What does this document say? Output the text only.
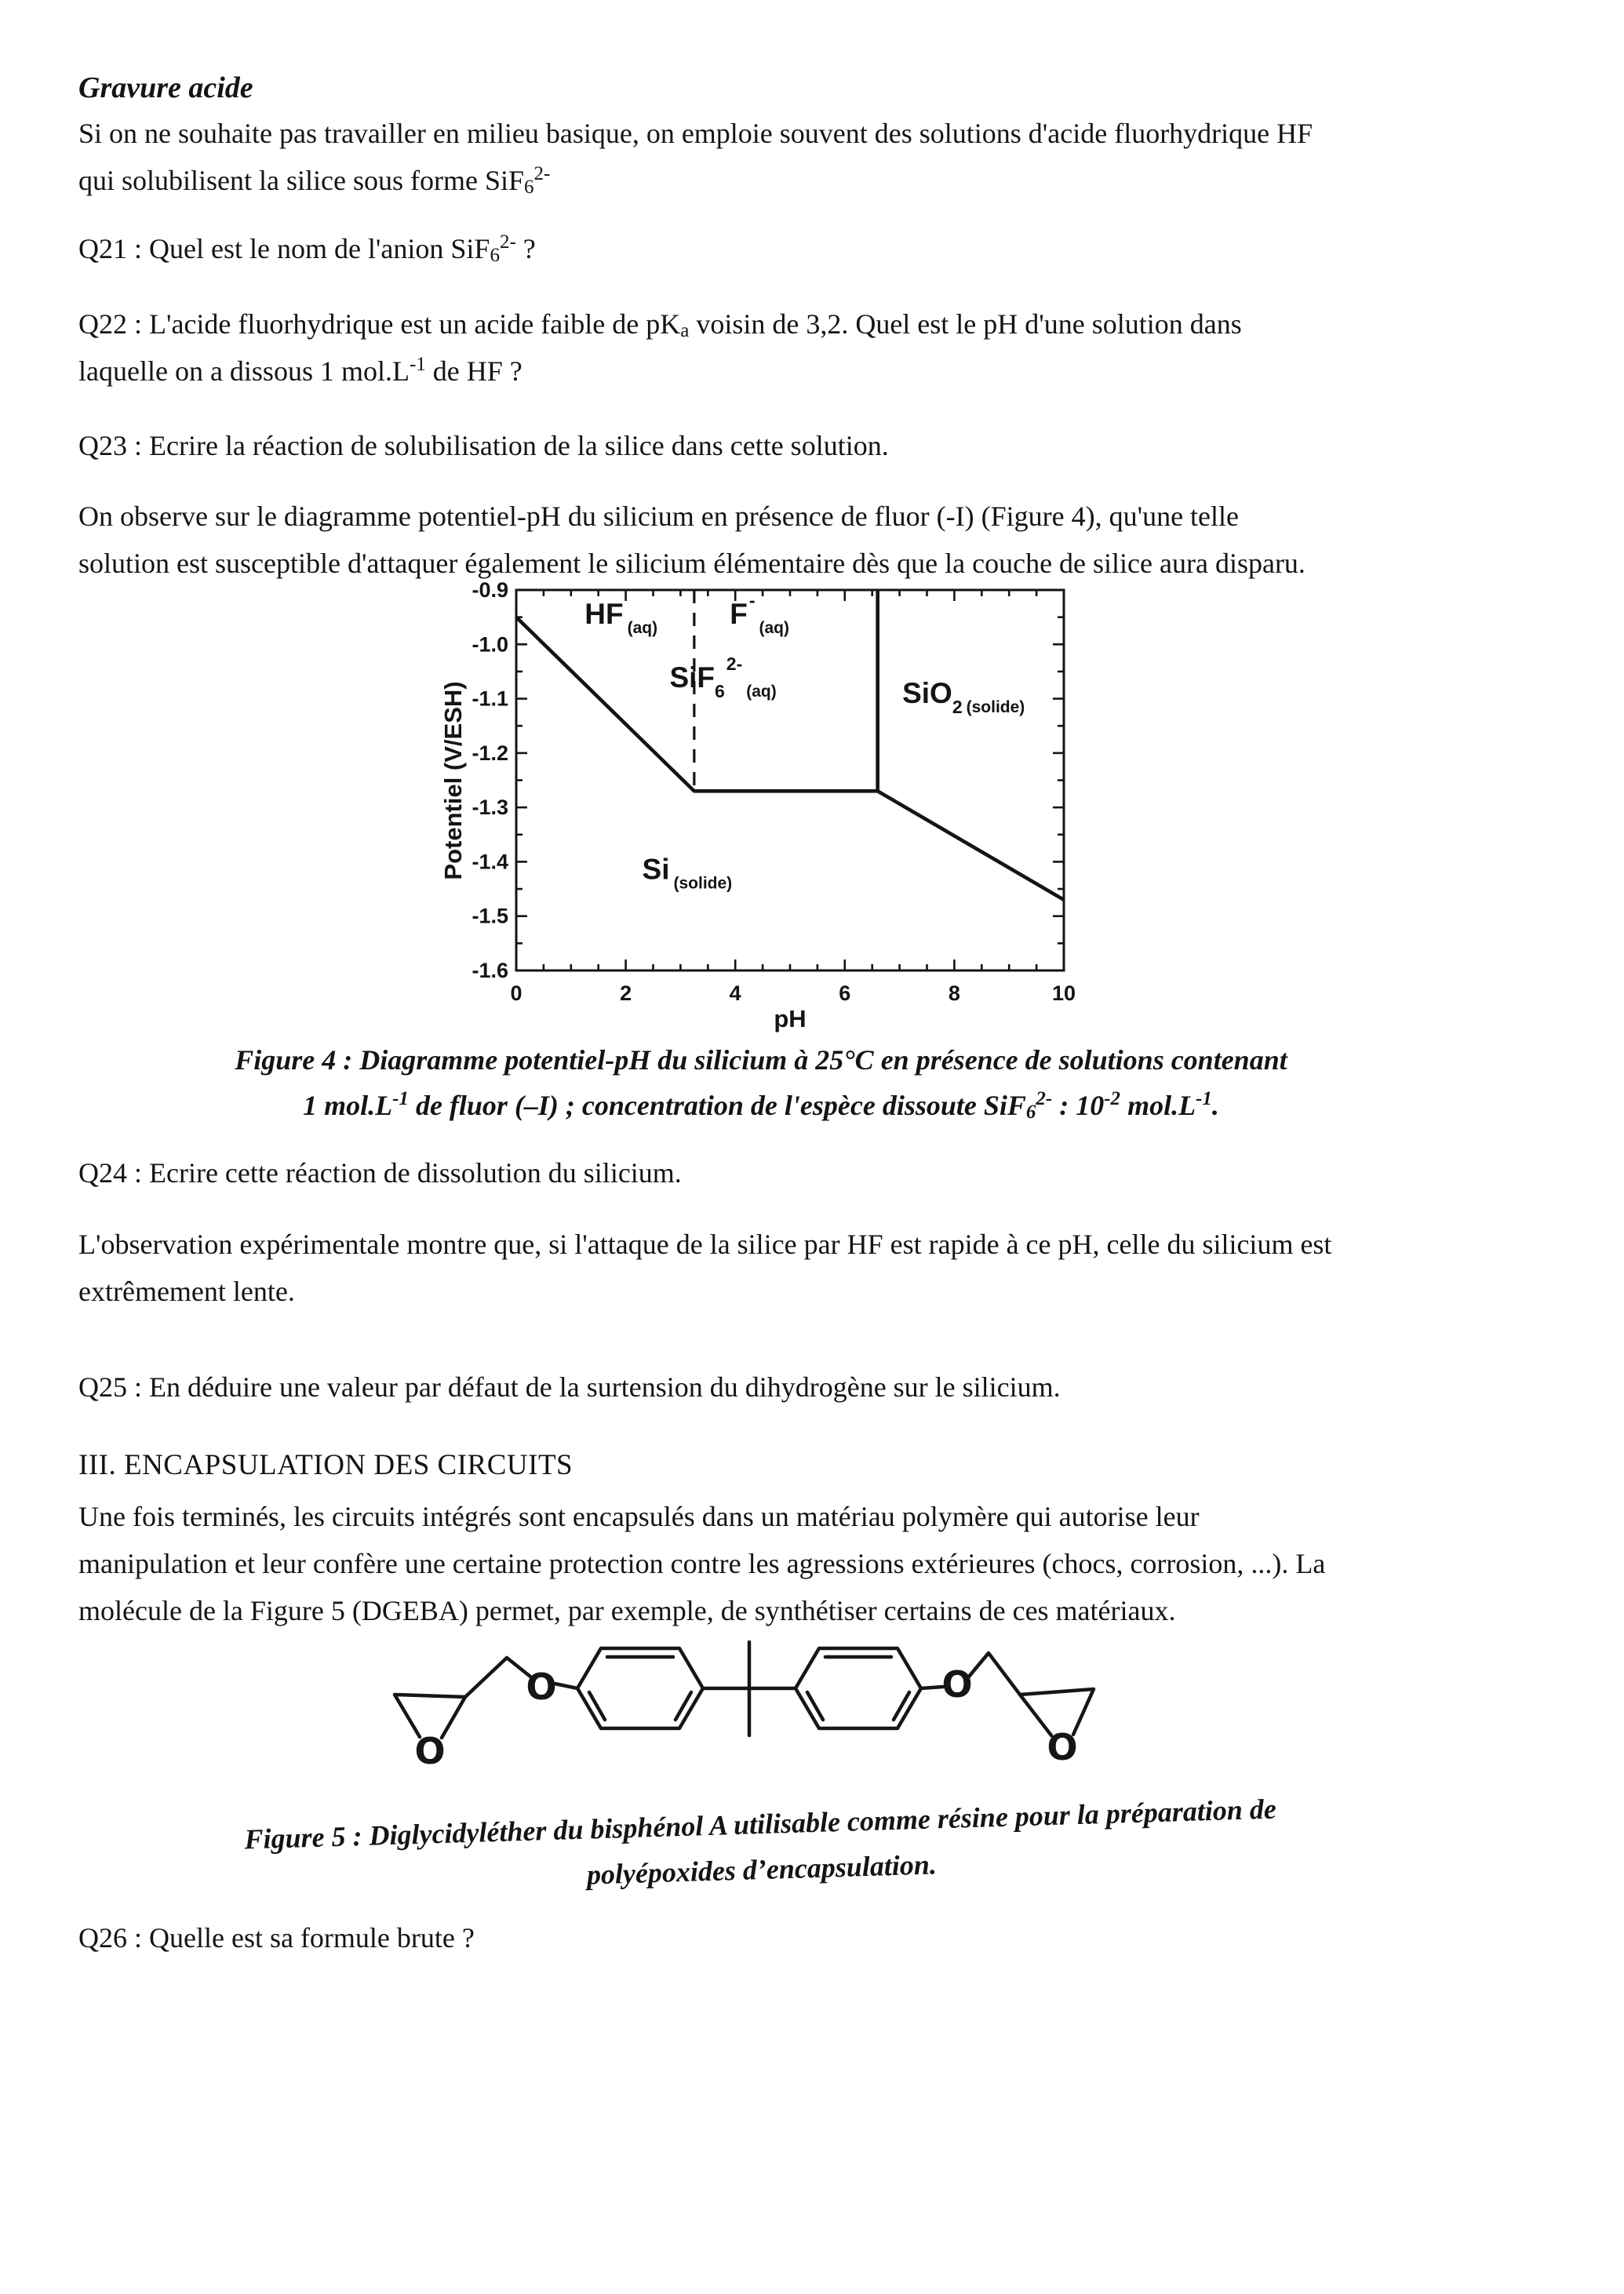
Gravure acide
Si on ne souhaite pas travailler en milieu basique, on emploie souvent des solutions d'acide fluorhydrique HF
qui solubilisent la silice sous forme SiF$_6^{2-}$
Q21 : Quel est le nom de l'anion SiF$_6^{2-}$ ?
Q22 : L'acide fluorhydrique est un acide faible de $pK_a$ voisin de 3,2. Quel est le pH d'une solution dans
laquelle on a dissous 1 $mol.L^{-1}$ de HF ?
Q23 : Ecrire la réaction de solubilisation de la silice dans cette solution.
On observe sur le diagramme potentiel-pH du silicium en présence de fluor (-I) (Figure 4), qu'une telle
solution est susceptible d'attaquer également le silicium élémentaire dès que la couche de silice aura disparu.
0	2	4	6	8	10
-0.9
-1.0
-1.1
-1.2
-1.3
-1.4
-1.5
-1.6
pH
Potentiel (V/ESH)
HF (aq) F-(aq)
SiF62-(aq)	SiO2 (solide)
Si (solide)
Figure 4 : Diagramme potentiel-pH du silicium à 25°C en présence de solutions contenant
1 $mol.L^{-1}$ de fluor (–I) ; concentration de l'espèce dissoute SiF$_6^{2-}$ : $10^{-2}$ $mol.L^{-1}$.
Q24 : Ecrire cette réaction de dissolution du silicium.
L'observation expérimentale montre que, si l'attaque de la silice par HF est rapide à ce pH, celle du silicium est
extrêmement lente.
Q25 : En déduire une valeur par défaut de la surtension du dihydrogène sur le silicium.
III. ENCAPSULATION DES CIRCUITS
Une fois terminés, les circuits intégrés sont encapsulés dans un matériau polymère qui autorise leur
manipulation et leur confère une certaine protection contre les agressions extérieures (chocs, corrosion, ...). La
molécule de la Figure 5 (DGEBA) permet, par exemple, de synthétiser certains de ces matériaux.
O
O	O
O
Figure 5 : Diglycidyléther du bisphénol A utilisable comme résine pour la préparation de
polyépoxides d’encapsulation.
Q26 : Quelle est sa formule brute ?
